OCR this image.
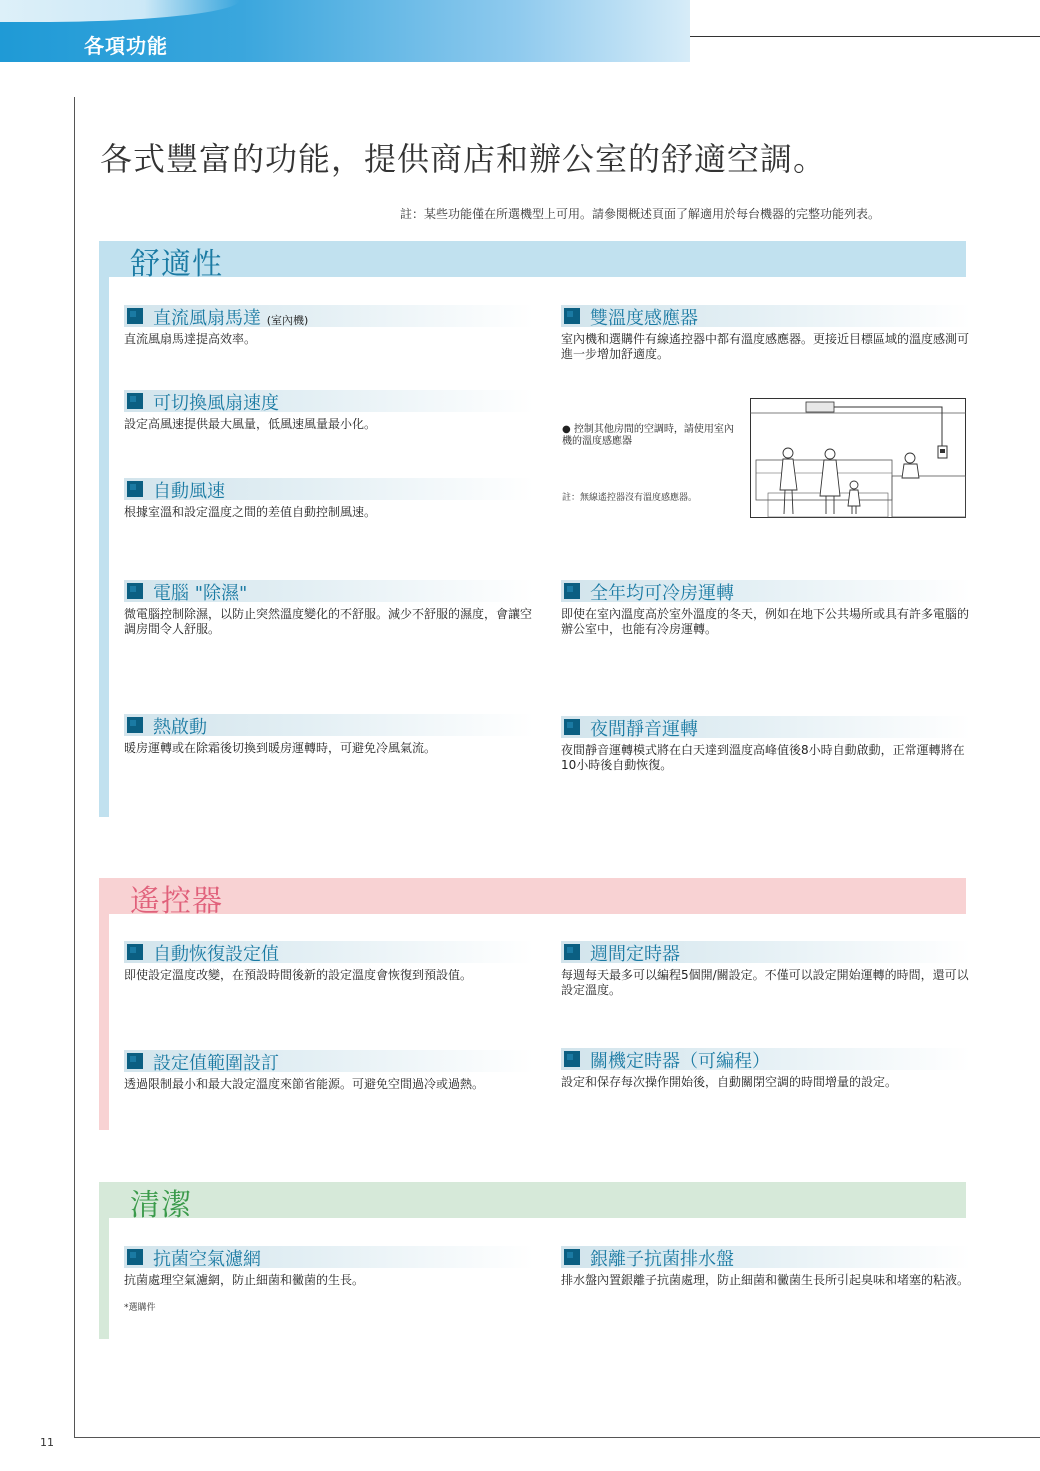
各項功能
11
各式豐富的功能，提供商店和辦公室的舒適空調。
註：某些功能僅在所選機型上可用。請參閱概述頁面了解適用於每台機器的完整功能列表。
舒適性
直流風扇馬達 (室內機)
直流風扇馬達提高效率。
雙溫度感應器
室內機和選購件有線遙控器中都有溫度感應器。更接近目標區域的溫度感測可進一步增加舒適度。
可切換風扇速度
設定高風速提供最大風量，低風速風量最小化。	● 控制其他房間的空調時，請使用室內機的溫度感應器
註：無線遙控器沒有溫度感應器。
自動風速
根據室溫和設定溫度之間的差值自動控制風速。
電腦 "除濕"
微電腦控制除濕，以防止突然溫度變化的不舒服。減少不舒服的濕度，會讓空調房間令人舒服。
全年均可冷房運轉
即使在室內溫度高於室外溫度的冬天，例如在地下公共場所或具有許多電腦的辦公室中，也能有冷房運轉。
熱啟動
暖房運轉或在除霜後切換到暖房運轉時，可避免冷風氣流。
夜間靜音運轉
夜間靜音運轉模式將在白天達到溫度高峰值後8小時自動啟動，正常運轉將在10小時後自動恢復。
遙控器
自動恢復設定值
即使設定溫度改變，在預設時間後新的設定溫度會恢復到預設值。
週間定時器
每週每天最多可以編程5個開/關設定。不僅可以設定開始運轉的時間，還可以設定溫度。
設定值範圍設訂
透過限制最小和最大設定溫度來節省能源。可避免空間過冷或過熱。
關機定時器（可編程）
設定和保存每次操作開始後，自動關閉空調的時間增量的設定。
清潔
抗菌空氣濾網
抗菌處理空氣濾網，防止細菌和黴菌的生長。
*選購件
銀離子抗菌排水盤
排水盤內置銀離子抗菌處理，防止細菌和黴菌生長所引起臭味和堵塞的粘液。
